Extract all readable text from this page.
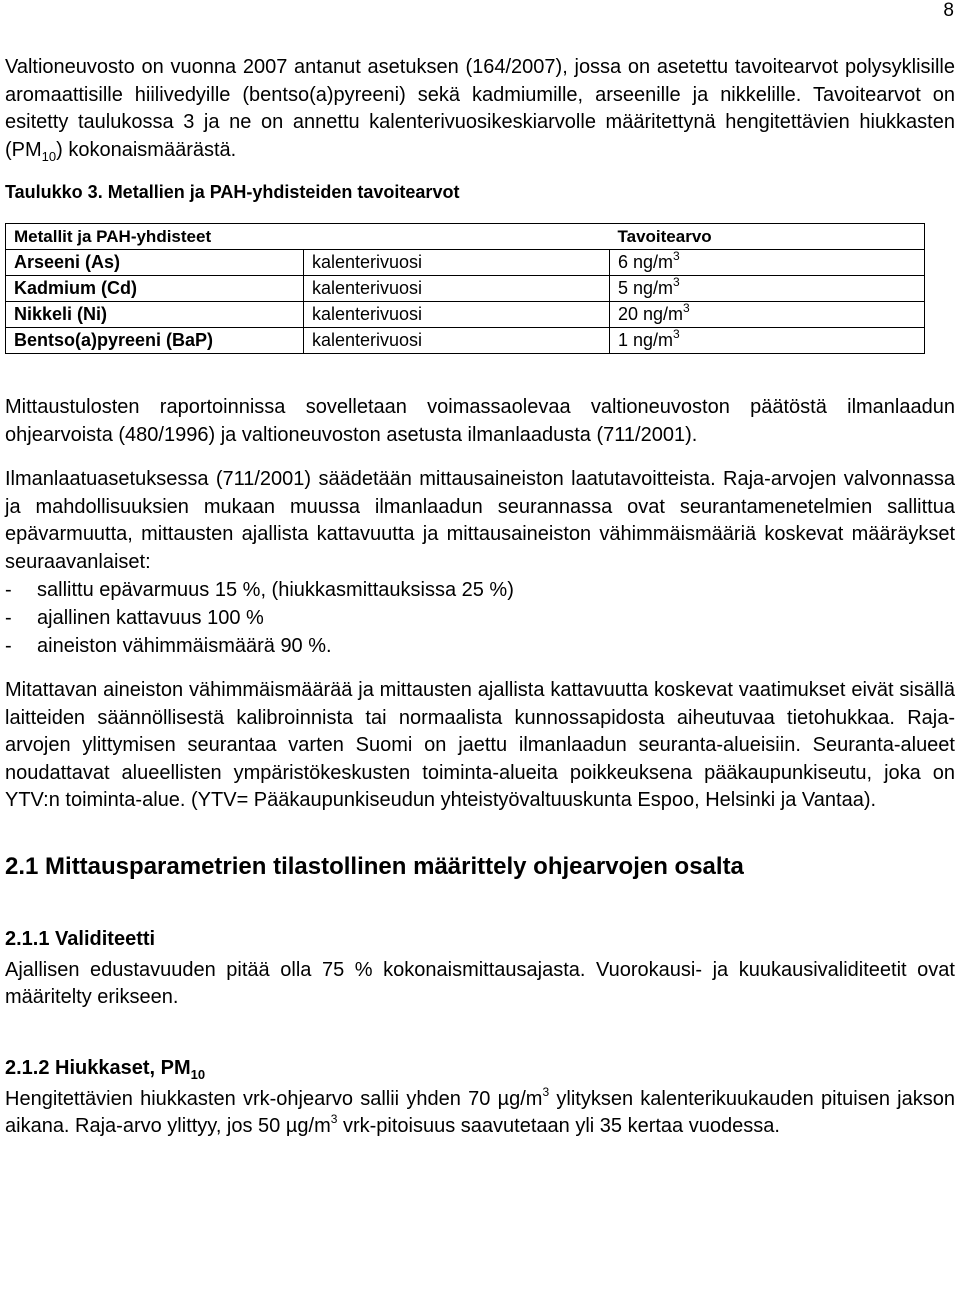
8

Valtioneuvosto on vuonna 2007 antanut asetuksen (164/2007), jossa on asetettu tavoitearvot polysyklisille aromaattisille hiilivedyille (bentso(a)pyreeni) sekä kadmiumille, arseenille ja nikkelille. Tavoitearvot on esitetty taulukossa 3 ja ne on annettu kalenterivuosikeskiarvolle määritettynä hengitettävien hiukkasten $(PM_{10})$ kokonaismäärästä.

Taulukko 3. Metallien ja PAH-yhdisteiden tavoitearvot
Metallit ja PAH-yhdisteet		Tavoitearvo
Arseeni (As)	kalenterivuosi	6 $ng/m^3$
Kadmium (Cd)	kalenterivuosi	5 $ng/m^3$
Nikkeli (Ni)	kalenterivuosi	20 $ng/m^3$
Bentso(a)pyreeni (BaP)	kalenterivuosi	1 $ng/m^3$

Mittaustulosten raportoinnissa sovelletaan voimassaolevaa valtioneuvoston päätöstä ilmanlaadun ohjearvoista (480/1996) ja valtioneuvoston asetusta ilmanlaadusta (711/2001).

Ilmanlaatuasetuksessa (711/2001) säädetään mittausaineiston laatutavoitteista. Raja-arvojen valvonnassa ja mahdollisuuksien mukaan muussa ilmanlaadun seurannassa ovat seurantamenetelmien sallittua epävarmuutta, mittausten ajallista kattavuutta ja mittausaineiston vähimmäismääriä koskevat määräykset seuraavanlaiset:

- sallittu epävarmuus 15 %, (hiukkasmittauksissa 25 %)
- ajallinen kattavuus 100 %
- aineiston vähimmäismäärä 90 %.

Mitattavan aineiston vähimmäismäärää ja mittausten ajallista kattavuutta koskevat vaatimukset eivät sisällä laitteiden säännöllisestä kalibroinnista tai normaalista kunnossapidosta aiheutuvaa tietohukkaa. Raja-arvojen ylittymisen seurantaa varten Suomi on jaettu ilmanlaadun seuranta-alueisiin. Seuranta-alueet noudattavat alueellisten ympäristökeskusten toiminta-alueita poikkeuksena pääkaupunkiseutu, joka on YTV:n toiminta-alue. (YTV= Pääkaupunkiseudun yhteistyövaltuuskunta Espoo, Helsinki ja Vantaa).

2.1 Mittausparametrien tilastollinen määrittely ohjearvojen osalta
2.1.1 Validiteetti

Ajallisen edustavuuden pitää olla 75 % kokonaismittausajasta. Vuorokausi- ja kuukausivaliditeetit ovat määritelty erikseen.

2.1.2 Hiukkaset, $PM_{10}$

Hengitettävien hiukkasten vrk-ohjearvo sallii yhden 70 $\mu g/m^3$ ylityksen kalenterikuukauden pituisen jakson aikana. Raja-arvo ylittyy, jos 50 $\mu g/m^3$ vrk-pitoisuus saavutetaan yli 35 kertaa vuodessa.
